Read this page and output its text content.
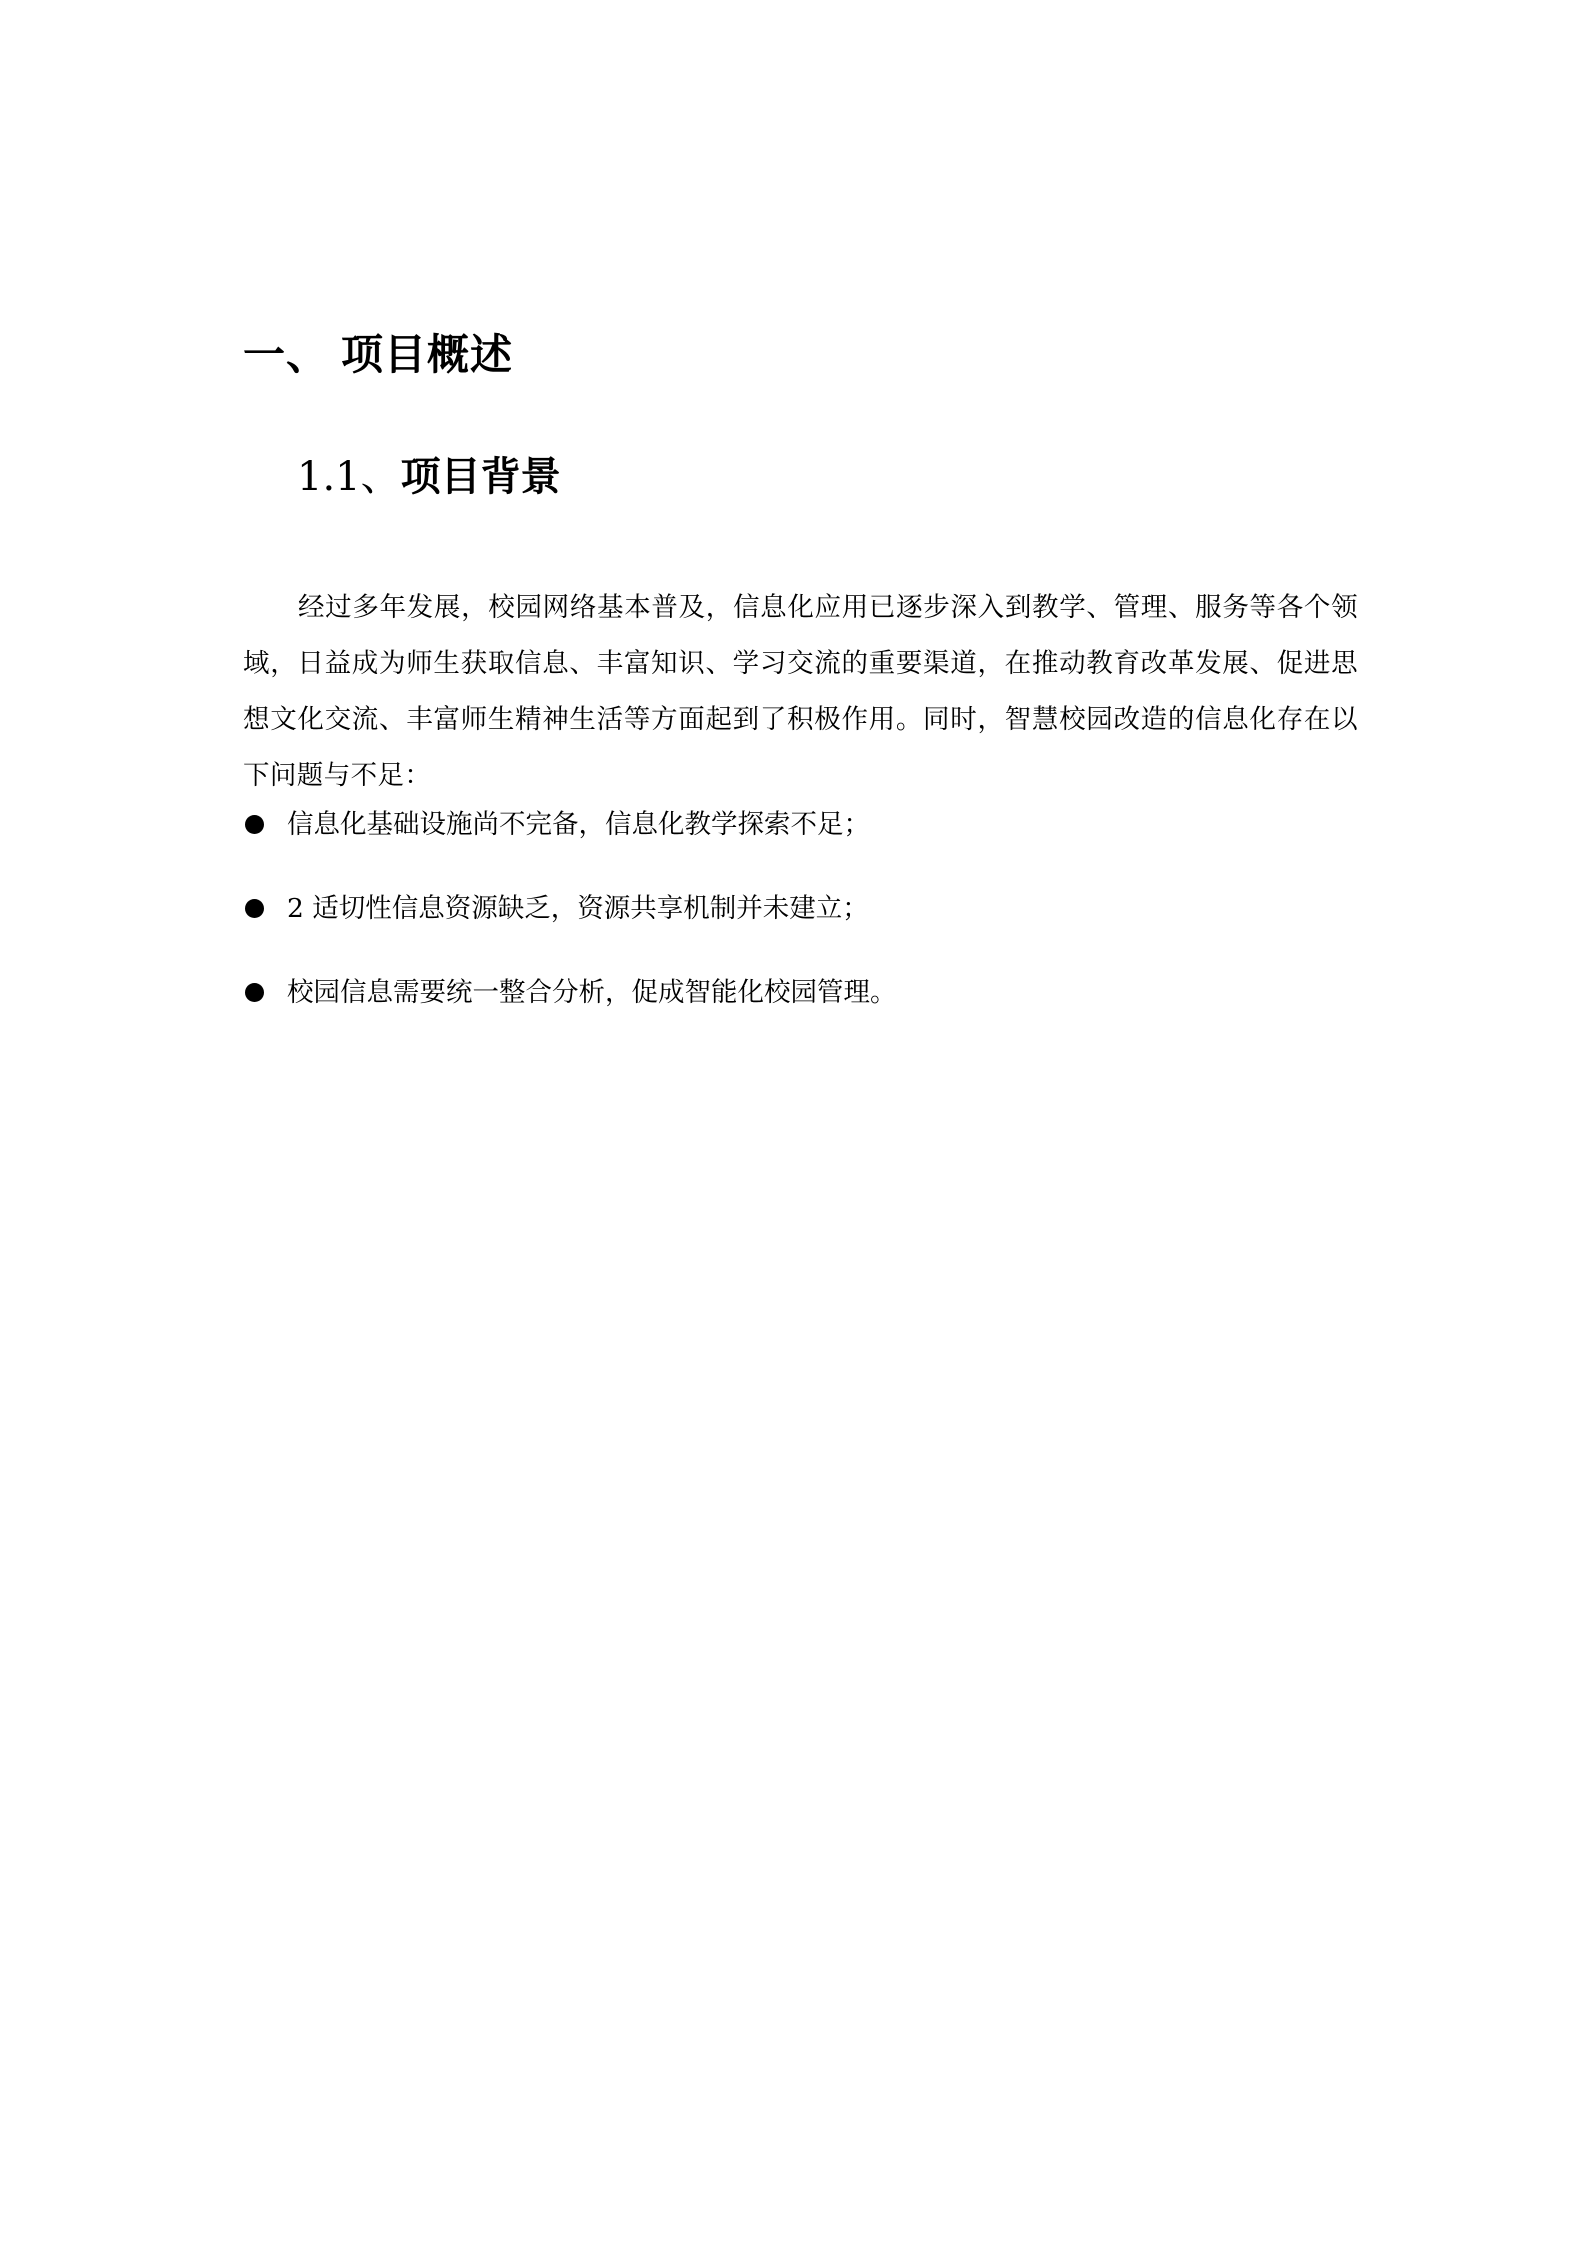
一、 项目概述
1.1、项目背景

经过多年发展，校园网络基本普及，信息化应用已逐步深入到教学、管理、服务等各个领域，日益成为师生获取信息、丰富知识、学习交流的重要渠道，在推动教育改革发展、促进思想文化交流、丰富师生精神生活等方面起到了积极作用。同时，智慧校园改造的信息化存在以下问题与不足：

信息化基础设施尚不完备，信息化教学探索不足；
2 适切性信息资源缺乏，资源共享机制并未建立；
校园信息需要统一整合分析，促成智能化校园管理。
